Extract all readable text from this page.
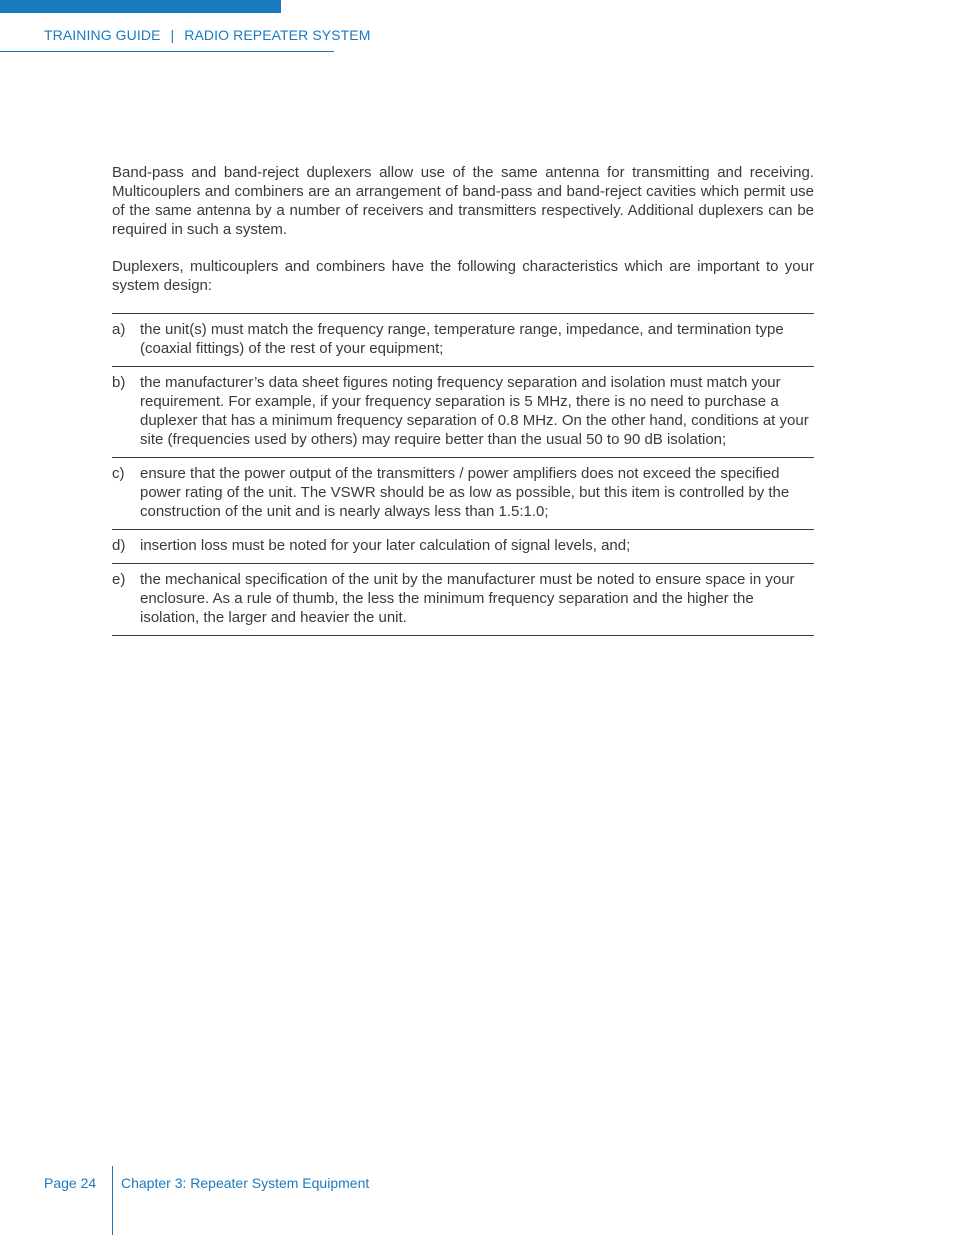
TRAINING GUIDE | RADIO REPEATER SYSTEM

Band-pass and band-reject duplexers allow use of the same antenna for transmitting and receiving. Multicouplers and combiners are an arrangement of band-pass and band-reject cavities which permit use of the same antenna by a number of receivers and transmitters respectively. Additional duplexers can be required in such a system.

Duplexers, multicouplers and combiners have the following characteristics which are important to your system design:

a) the unit(s) must match the frequency range, temperature range, impedance, and termination type (coaxial fittings) of the rest of your equipment;
b) the manufacturer’s data sheet figures noting frequency separation and isolation must match your requirement. For example, if your frequency separation is 5 MHz, there is no need to purchase a duplexer that has a minimum frequency separation of 0.8 MHz. On the other hand, conditions at your site (frequencies used by others) may require better than the usual 50 to 90 dB isolation;
c)	ensure that the power output of the transmitters / power amplifiers does not exceed the specified power rating of the unit. The VSWR should be as low as possible, but this item is controlled by the construction of the unit and is nearly always less than 1.5:1.0;
d) insertion loss must be noted for your later calculation of signal levels, and;
e) the mechanical specification of the unit by the manufacturer must be noted to ensure space in your enclosure. As a rule of thumb, the less the minimum frequency separation and the higher the isolation, the larger and heavier the unit.
Page 24 Chapter 3: Repeater System Equipment
